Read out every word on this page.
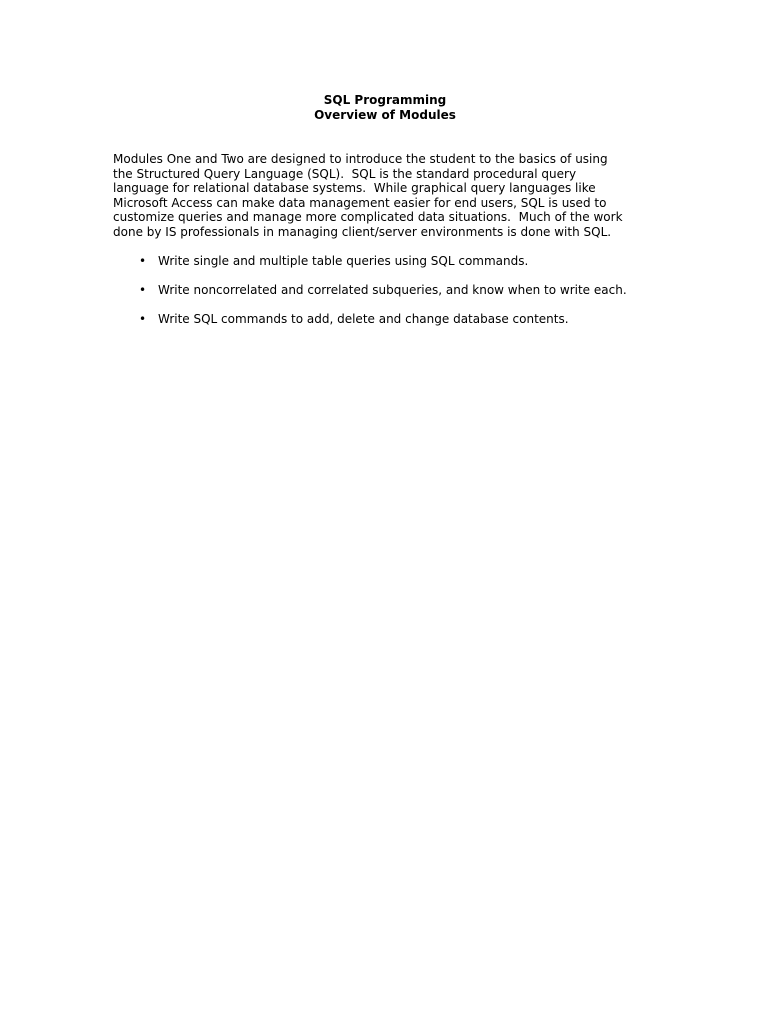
SQL Programming
Overview of Modules
Modules One and Two are designed to introduce the student to the basics of using
the Structured Query Language (SQL).  SQL is the standard procedural query
language for relational database systems.  While graphical query languages like
Microsoft Access can make data management easier for end users, SQL is used to
customize queries and manage more complicated data situations.  Much of the work
done by IS professionals in managing client/server environments is done with SQL.
• Write single and multiple table queries using SQL commands.
• Write noncorrelated and correlated subqueries, and know when to write each.
• Write SQL commands to add, delete and change database contents.
